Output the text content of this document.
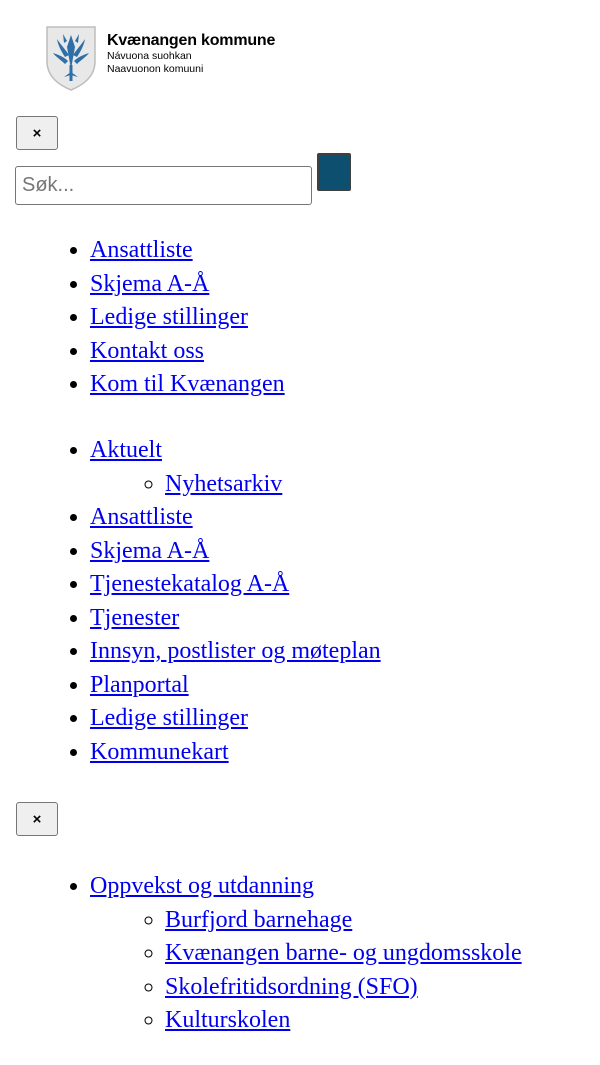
Kvænangen kommune
Návuona suohkan
Naavuonon komuuni
×
Søk...
• Ansattliste
• Skjema A-Å
• Ledige stillinger
• Kontakt oss
• Kom til Kvænangen
• Aktuelt
◦ Nyhetsarkiv
• Ansattliste
• Skjema A-Å
• Tjenestekatalog A-Å
• Tjenester
• Innsyn, postlister og møteplan
• Planportal
• Ledige stillinger
• Kommunekart
×
• Oppvekst og utdanning
◦ Burfjord barnehage
◦ Kvænangen barne- og ungdomsskole
◦ Skolefritidsordning (SFO)
◦ Kulturskolen
